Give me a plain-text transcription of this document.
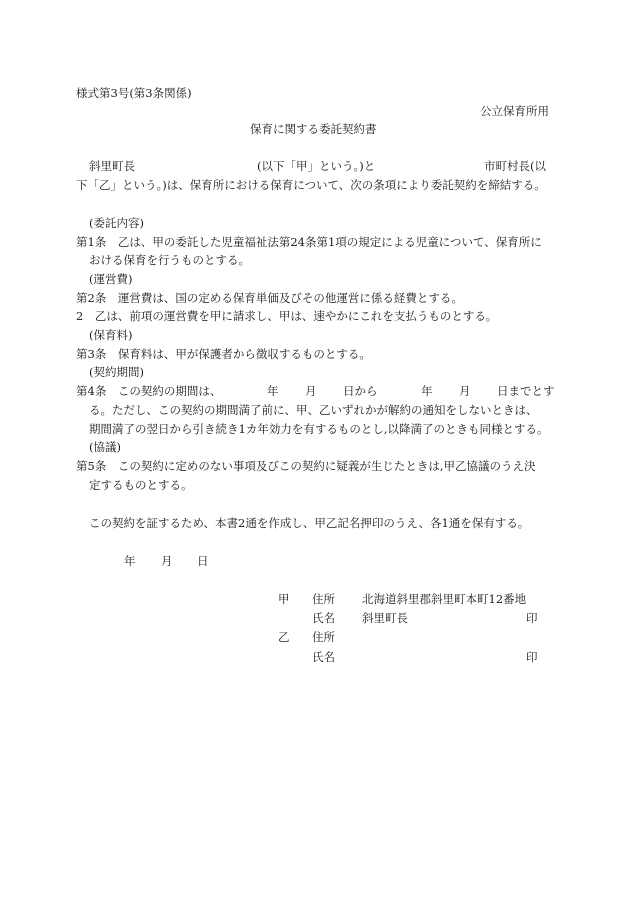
様式第3号(第3条関係)
公立保育所用
保育に関する委託契約書
斜里町長	(以下「甲」という。)と	市町村長(以
下「乙」という。)は、保育所における保育について、次の条項により委託契約を締結する。
(委託内容)
第1条　乙は、甲の委託した児童福祉法第24条第1項の規定による児童について、保育所に
おける保育を行うものとする。
(運営費)
第2条　運営費は、国の定める保育単価及びその他運営に係る経費とする。
2　乙は、前項の運営費を甲に請求し、甲は、速やかにこれを支払うものとする。
(保育料)
第3条　保育料は、甲が保護者から徴収するものとする。
(契約期間)
第4条　この契約の期間は、	年 月 日から	年 月 日までとす
る。ただし、この契約の期間満了前に、甲、乙いずれかが解約の通知をしないときは、
期間満了の翌日から引き続き1カ年効力を有するものとし,以降満了のときも同様とする。
(協議)
第5条　この契約に定めのない事項及びこの契約に疑義が生じたときは,甲乙協議のうえ決
定するものとする。
この契約を証するため、本書2通を作成し、甲乙記名押印のうえ、各1通を保有する。
年 月 日
甲 住所 北海道斜里郡斜里町本町12番地
氏名 斜里町長	印
乙 住所
氏名	印
